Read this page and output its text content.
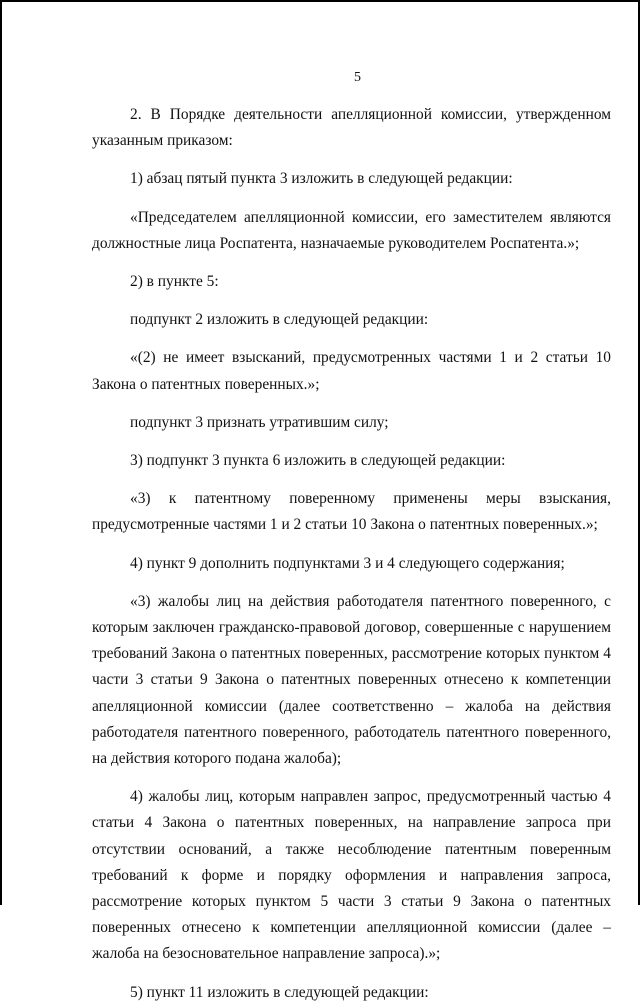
5

2. В Порядке деятельности апелляционной комиссии, утвержденном указанным приказом:

1) абзац пятый пункта 3 изложить в следующей редакции:

«Председателем апелляционной комиссии, его заместителем являются должностные лица Роспатента, назначаемые руководителем Роспатента.»;

2) в пункте 5:

подпункт 2 изложить в следующей редакции:

«(2) не имеет взысканий, предусмотренных частями 1 и 2 статьи 10 Закона о патентных поверенных.»;

подпункт 3 признать утратившим силу;

3) подпункт 3 пункта 6 изложить в следующей редакции:

«3) к патентному поверенному применены меры взыскания, предусмотренные частями 1 и 2 статьи 10 Закона о патентных поверенных.»;

4) пункт 9 дополнить подпунктами 3 и 4 следующего содержания;

«3) жалобы лиц на действия работодателя патентного поверенного, с которым заключен гражданско-правовой договор, совершенные с нарушением требований Закона о патентных поверенных, рассмотрение которых пунктом 4 части 3 статьи 9 Закона о патентных поверенных отнесено к компетенции апелляционной комиссии (далее соответственно – жалоба на действия работодателя патентного поверенного, работодатель патентного поверенного, на действия которого подана жалоба);

4) жалобы лиц, которым направлен запрос, предусмотренный частью 4 статьи 4 Закона о патентных поверенных, на направление запроса при отсутствии оснований, а также несоблюдение патентным поверенным требований к форме и порядку оформления и направления запроса, рассмотрение которых пунктом 5 части 3 статьи 9 Закона о патентных поверенных отнесено к компетенции апелляционной комиссии (далее – жалоба на безосновательное направление запроса).»;

5) пункт 11 изложить в следующей редакции:
